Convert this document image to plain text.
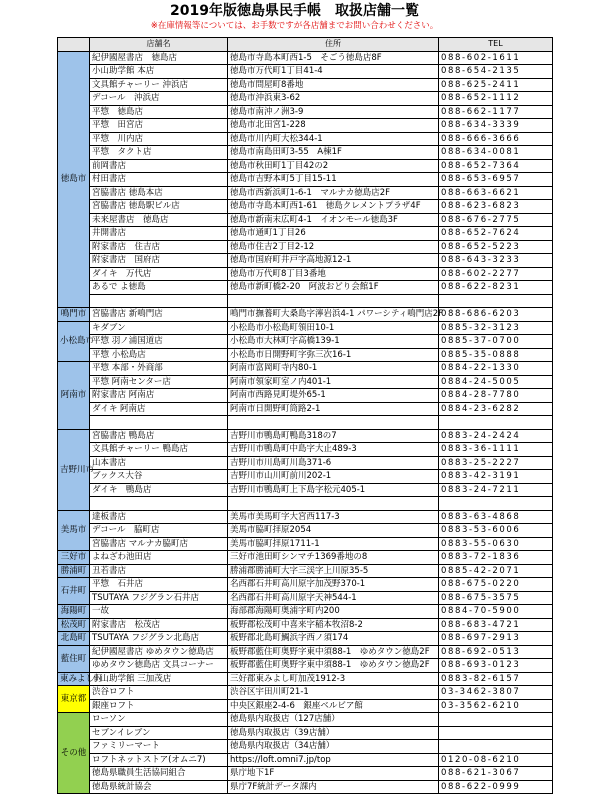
2019年版徳島県民手帳　取扱店舗一覧
※在庫情報等については、お手数ですが各店舗までお問い合わせください。
	店舗名	住所	TEL
徳島市	紀伊國屋書店　徳島店	徳島市寺島本町西1-5　そごう徳島店8F	088-602-1611
	小山助学館 本店	徳島市万代町1丁目41-4	088-654-2135
	文具館チャーリー 沖浜店	徳島市問屋町8番地	088-625-2411
	デコール　沖浜店	徳島市沖浜東3-62	088-652-1112
	平惣　徳島店	徳島市南沖ノ洲3-9	088-662-1177
	平惣　田宮店	徳島市北田宮1-228	088-634-3339
	平惣　川内店	徳島市川内町大松344-1	088-666-3666
	平惣　タクト店	徳島市南島田町3-55　A棟1F	088-634-0081
	前岡書店	徳島市秋田町1丁目42の2	088-652-7364
	村田書店	徳島市吉野本町5丁目15-11	088-653-6957
	宮脇書店 徳島本店	徳島市西新浜町1-6-1　マルナカ徳島店2F	088-663-6621
	宮脇書店 徳島駅ビル店	徳島市寺島本町西1-61　徳島クレメントプラザ4F	088-623-6823
	未来屋書店　徳島店	徳島市新南末広町4-1　イオンモール徳島3F	088-676-2775
	井開書店	徳島市通町1丁目26	088-652-7624
	附家書店　住吉店	徳島市住吉2丁目2-12	088-652-5223
	附家書店　国府店	徳島市国府町井戸字高地源12-1	088-643-3233
	ダイキ　万代店	徳島市万代町8丁目3番地	088-602-2277
	あるで よ徳島	徳島市新町橋2-20　阿波おどり会館1F	088-622-8231

鳴門市	宮脇書店 新鳴門店	鳴門市撫養町大桑島字濘岩浜4-1 パワーシティ鳴門店2F	088-686-6203
小松島市	キダブン	小松島市小松島町領田10-1	0885-32-3123
	平惣 羽ノ浦国道店	小松島市大林町字高橋139-1	0885-37-0700
	平惣 小松島店	小松島市日開野町字弥三次16-1	0885-35-0888
阿南市	平惣 本部・外商部	阿南市富岡町寺内80-1	0884-22-1330
	平惣 阿南センター店	阿南市領家町室ノ内401-1	0884-24-5005
	附家書店 阿南店	阿南市西路見町堤外65-1	0884-28-7780
	ダイキ 阿南店	阿南市日開野町筒路2-1	0884-23-6282

吉野川市	宮脇書店 鴨島店	吉野川市鴨島町鴨島318の7	0883-24-2424
	文具館チャーリー 鴨島店	吉野川市鴨島町中島字大止489-3	0883-36-1111
	山本書店	吉野川市川島町川島371-6	0883-25-2227
	ブックス大谷	吉野川市山川町前川202-1	0883-42-3191
	ダイキ　鴨島店	吉野川市鴨島町上下島字松元405-1	0883-24-7211

美馬市	達板書店	美馬市美馬町字大宮西117-3	0883-63-4868
	デコール　脇町店	美馬市脇町拝原2054	0883-53-6006
	宮脇書店 マルナカ脇町店	美馬市脇町拝原1711-1	0883-55-0630
三好市	よねざわ池田店	三好市池田町シンマチ1369番地の8	0883-72-1836
勝浦町	丑若書店	勝浦郡勝浦町大字三渓字上川原35-5	0885-42-2071
石井町	平惣　石井店	名西郡石井町高川原字加茂野370-1	088-675-0220
	TSUTAYA フジグラン石井店	名西郡石井町高川原字天神544-1	088-675-3575
海陽町	一故	海部郡海陽町奥浦字町内200	0884-70-5900
松茂町	附家書店　松茂店	板野郡松茂町中喜来字稲本牧沼8-2	088-683-4721
北島町	TSUTAYA フジグラン北島店	板野郡北島町鯛浜字西ノ須174	088-697-2913
藍住町	紀伊國屋書店 ゆめタウン徳島店	板野郡藍住町奥野字東中須88-1　ゆめタウン徳島2F	088-692-0513
	ゆめタウン徳島店 文具コーナー	板野郡藍住町奥野字東中須88-1　ゆめタウン徳島2F	088-693-0123
東みよし町	小山助学館 三加茂店	三好郡東みよし町加茂1912-3	0883-82-6157
東京都	渋谷ロフト	渋谷区宇田川町21-1	03-3462-3807
	銀座ロフト	中央区銀座2-4-6　銀座ベルビア館	03-3562-6210
その他	ローソン	徳島県内取扱店（127店舗）	
	セブンイレブン	徳島県内取扱店（39店舗）	
	ファミリーマート	徳島県内取扱店（34店舗）	
	ロフトネットストア(オムニ7)	https://loft.omni7.jp/top	0120-08-6210
	徳島県職員生活協同組合	県庁地下1F	088-621-3067
	徳島県統計協会	県庁7F統計データ課内	088-622-0999
